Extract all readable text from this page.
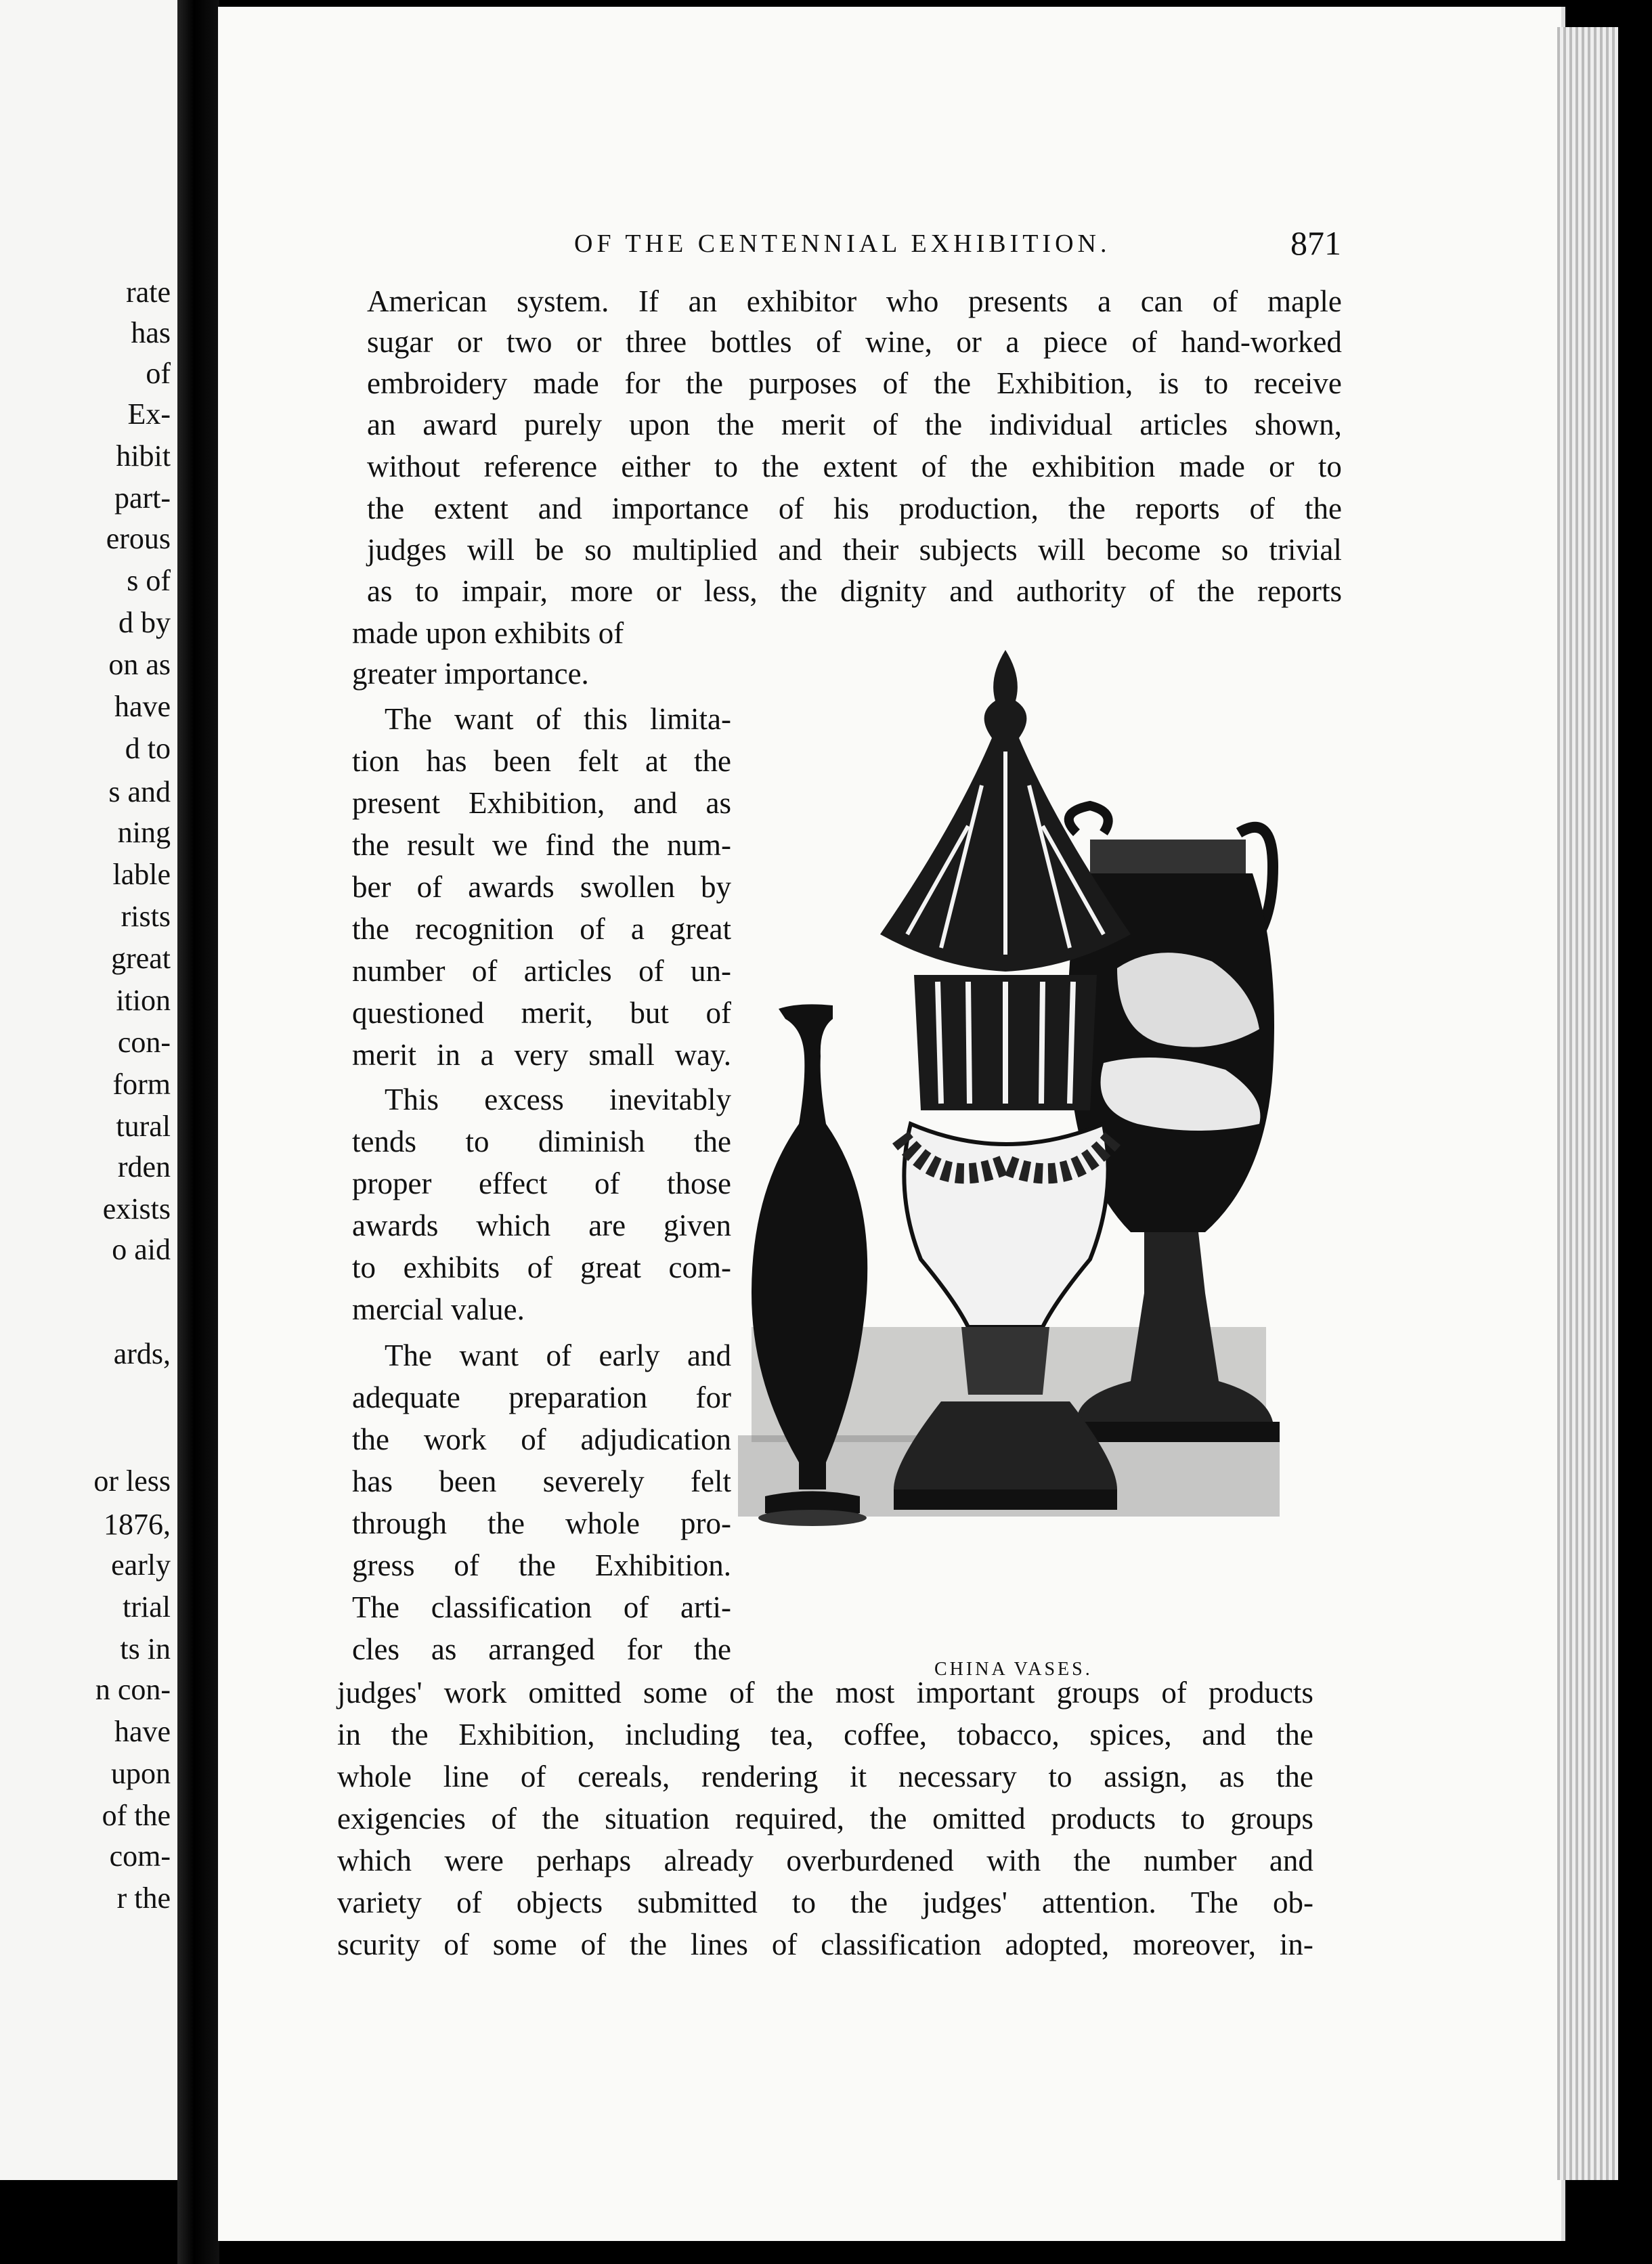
rate
has
of
Ex-
hibit
part-
erous
s of
d by
on as
have
d to
s and
ning
lable
rists
great
ition
con-
form
tural
rden
exists
o aid
ards,
or less
1876,
early
trial
ts in
n con-
have
upon
of the
com-
r the
OF THE CENTENNIAL EXHIBITION.	871
American system. If an exhibitor who presents a can of maple
sugar or two or three bottles of wine, or a piece of hand-worked
embroidery made for the purposes of the Exhibition, is to receive
an award purely upon the merit of the individual articles shown,
without reference either to the extent of the exhibition made or to
the extent and importance of his production, the reports of the
judges will be so multiplied and their subjects will become so trivial
as to impair, more or less, the dignity and authority of the reports
made upon exhibits of
greater importance.
The want of this limita-
tion has been felt at the
present Exhibition, and as
the result we find the num-
ber of awards swollen by
the recognition of a great
number of articles of un-
questioned merit, but of
merit in a very small way.
This excess inevitably
tends to diminish the
proper effect of those
awards which are given
to exhibits of great com-
mercial value.
The want of early and
adequate preparation for
the work of adjudication
has been severely felt
through the whole pro-
gress of the Exhibition.
The classification of arti-
cles as arranged for the
judges' work omitted some of the most important groups of products
in the Exhibition, including tea, coffee, tobacco, spices, and the
whole line of cereals, rendering it necessary to assign, as the
exigencies of the situation required, the omitted products to groups
which were perhaps already overburdened with the number and
variety of objects submitted to the judges' attention. The ob-
scurity of some of the lines of classification adopted, moreover, in-
CHINA VASES.
